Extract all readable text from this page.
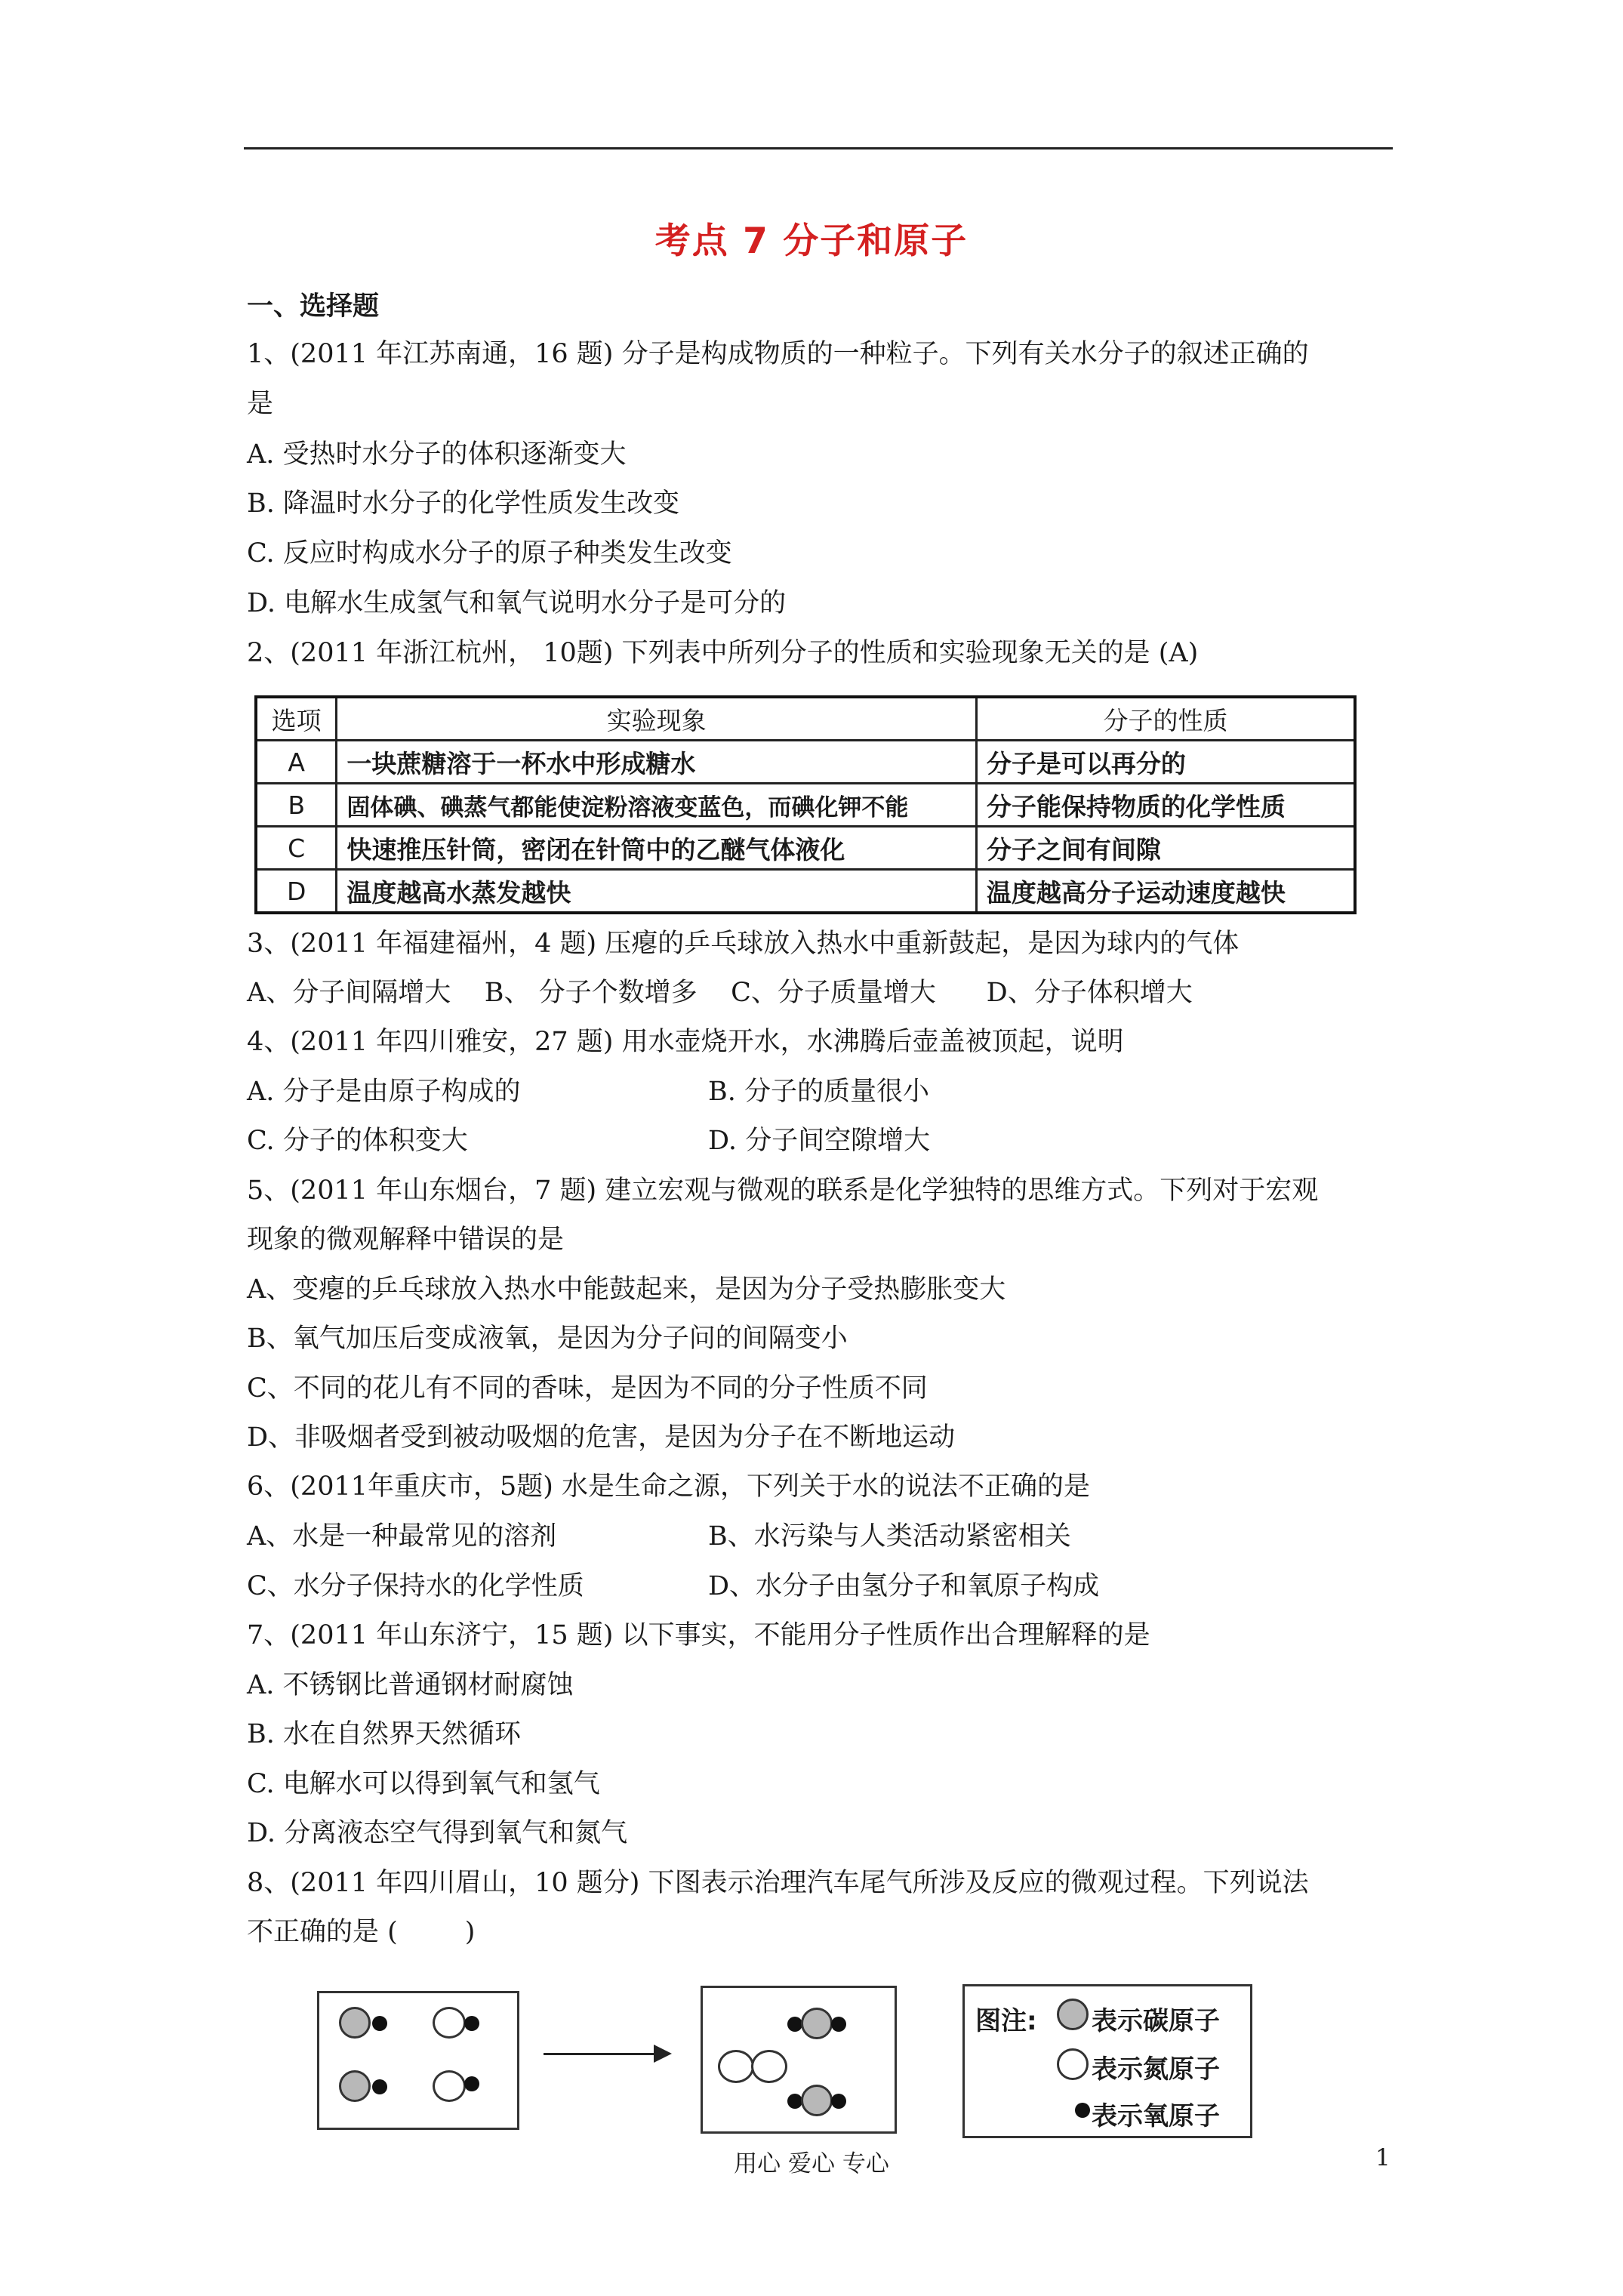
考点 7 分子和原子
一、选择题
1、(2011 年江苏南通，16 题) 分子是构成物质的一种粒子。下列有关水分子的叙述正确的
是
A. 受热时水分子的体积逐渐变大
B. 降温时水分子的化学性质发生改变
C. 反应时构成水分子的原子种类发生改变
D. 电解水生成氢气和氧气说明水分子是可分的
2、(2011 年浙江杭州， 10题) 下列表中所列分子的性质和实验现象无关的是 (A)
选项	实验现象	分子的性质
A	一块蔗糖溶于一杯水中形成糖水	分子是可以再分的
B	固体碘、碘蒸气都能使淀粉溶液变蓝色，而碘化钾不能	分子能保持物质的化学性质
C	快速推压针筒，密闭在针筒中的乙醚气体液化	分子之间有间隙
D	温度越高水蒸发越快	温度越高分子运动速度越快
3、(2011 年福建福州，4 题) 压瘪的乒乓球放入热水中重新鼓起，是因为球内的气体
A、分子间隔增大    B、 分子个数增多    C、分子质量增大      D、分子体积增大
4、(2011 年四川雅安，27 题) 用水壶烧开水，水沸腾后壶盖被顶起，说明
A. 分子是由原子构成的	B. 分子的质量很小
C. 分子的体积变大	D. 分子间空隙增大
5、(2011 年山东烟台，7 题) 建立宏观与微观的联系是化学独特的思维方式。下列对于宏观
现象的微观解释中错误的是
A、变瘪的乒乓球放入热水中能鼓起来，是因为分子受热膨胀变大
B、氧气加压后变成液氧，是因为分子问的间隔变小
C、不同的花儿有不同的香味，是因为不同的分子性质不同
D、非吸烟者受到被动吸烟的危害，是因为分子在不断地运动
6、(2011年重庆市，5题) 水是生命之源，下列关于水的说法不正确的是
A、水是一种最常见的溶剂	B、水污染与人类活动紧密相关
C、水分子保持水的化学性质	D、水分子由氢分子和氧原子构成
7、(2011 年山东济宁，15 题) 以下事实，不能用分子性质作出合理解释的是
A. 不锈钢比普通钢材耐腐蚀
B. 水在自然界天然循环
C. 电解水可以得到氧气和氢气
D. 分离液态空气得到氧气和氮气
8、(2011 年四川眉山，10 题分) 下图表示治理汽车尾气所涉及反应的微观过程。下列说法
不正确的是 (        )
图注: 表示碳原子
表示氮原子
表示氧原子
用心 爱心 专心	1
